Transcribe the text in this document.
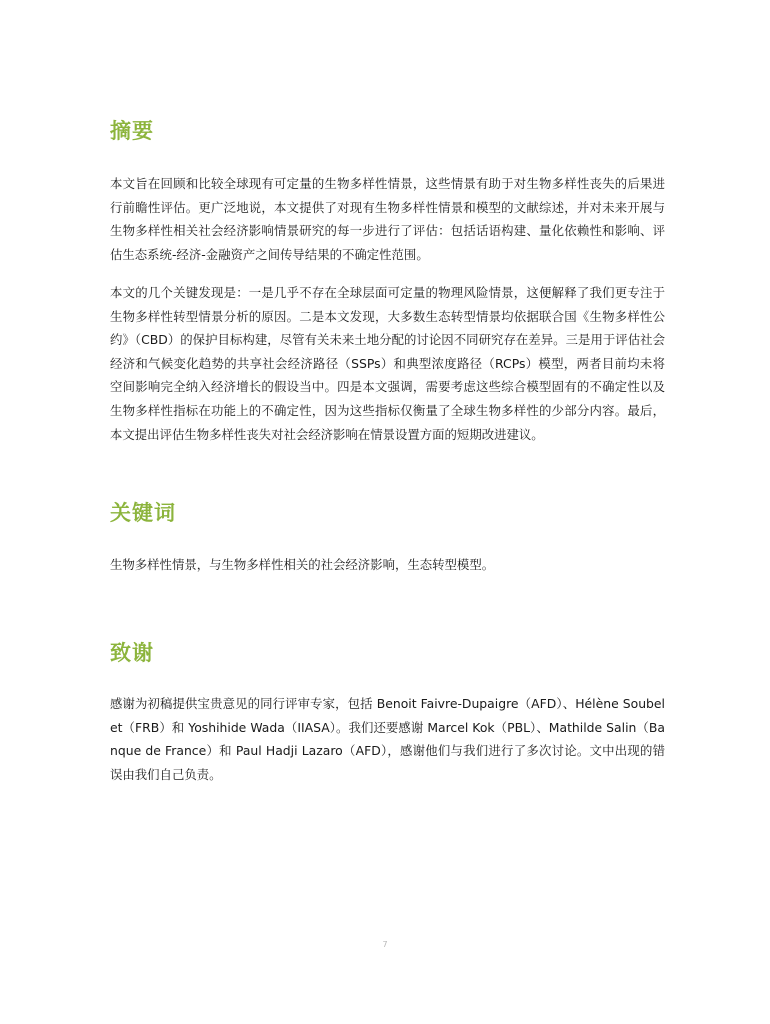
摘要

本文旨在回顾和比较全球现有可定量的生物多样性情景，这些情景有助于对生物多样性丧失的后果进行前瞻性评估。更广泛地说，本文提供了对现有生物多样性情景和模型的文献综述，并对未来开展与生物多样性相关社会经济影响情景研究的每一步进行了评估：包括话语构建、量化依赖性和影响、评估生态系统-经济-金融资产之间传导结果的不确定性范围。

本文的几个关键发现是：一是几乎不存在全球层面可定量的物理风险情景，这便解释了我们更专注于生物多样性转型情景分析的原因。二是本文发现，大多数生态转型情景均依据联合国《生物多样性公约》（CBD）的保护目标构建，尽管有关未来土地分配的讨论因不同研究存在差异。三是用于评估社会经济和气候变化趋势的共享社会经济路径（SSPs）和典型浓度路径（RCPs）模型，两者目前均未将空间影响完全纳入经济增长的假设当中。四是本文强调，需要考虑这些综合模型固有的不确定性以及生物多样性指标在功能上的不确定性，因为这些指标仅衡量了全球生物多样性的少部分内容。最后，本文提出评估生物多样性丧失对社会经济影响在情景设置方面的短期改进建议。

关键词

生物多样性情景，与生物多样性相关的社会经济影响，生态转型模型。

致谢

感谢为初稿提供宝贵意见的同行评审专家，包括 Benoit Faivre-Dupaigre（AFD）、Hélène Soubelet（FRB）和 Yoshihide Wada（IIASA）。我们还要感谢 Marcel Kok（PBL）、Mathilde Salin（Banque de France）和 Paul Hadji Lazaro（AFD），感谢他们与我们进行了多次讨论。文中出现的错误由我们自己负责。

7
